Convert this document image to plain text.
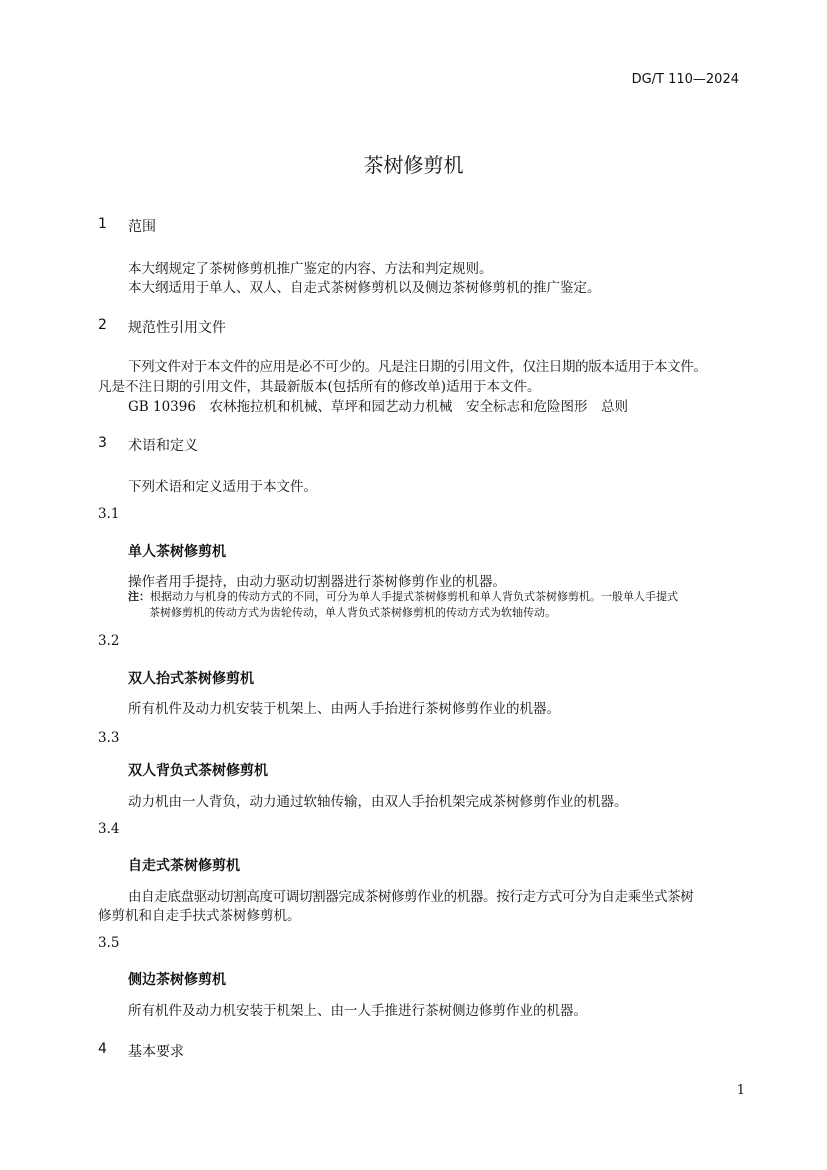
DG/T 110—2024
茶树修剪机
1 范围
本大纲规定了茶树修剪机推广鉴定的内容、方法和判定规则。
本大纲适用于单人、双人、自走式茶树修剪机以及侧边茶树修剪机的推广鉴定。
2 规范性引用文件
下列文件对于本文件的应用是必不可少的。凡是注日期的引用文件，仅注日期的版本适用于本文件。
凡是不注日期的引用文件，其最新版本(包括所有的修改单)适用于本文件。
GB 10396　农林拖拉机和机械、草坪和园艺动力机械　安全标志和危险图形　总则
3 术语和定义
下列术语和定义适用于本文件。
3.1
单人茶树修剪机
操作者用手提持，由动力驱动切割器进行茶树修剪作业的机器。
注：根据动力与机身的传动方式的不同，可分为单人手提式茶树修剪机和单人背负式茶树修剪机。一般单人手提式
茶树修剪机的传动方式为齿轮传动，单人背负式茶树修剪机的传动方式为软轴传动。
3.2
双人抬式茶树修剪机
所有机件及动力机安装于机架上、由两人手抬进行茶树修剪作业的机器。
3.3
双人背负式茶树修剪机
动力机由一人背负，动力通过软轴传输，由双人手抬机架完成茶树修剪作业的机器。
3.4
自走式茶树修剪机
由自走底盘驱动切割高度可调切割器完成茶树修剪作业的机器。按行走方式可分为自走乘坐式茶树
修剪机和自走手扶式茶树修剪机。
3.5
侧边茶树修剪机
所有机件及动力机安装于机架上、由一人手推进行茶树侧边修剪作业的机器。
4 基本要求
1
